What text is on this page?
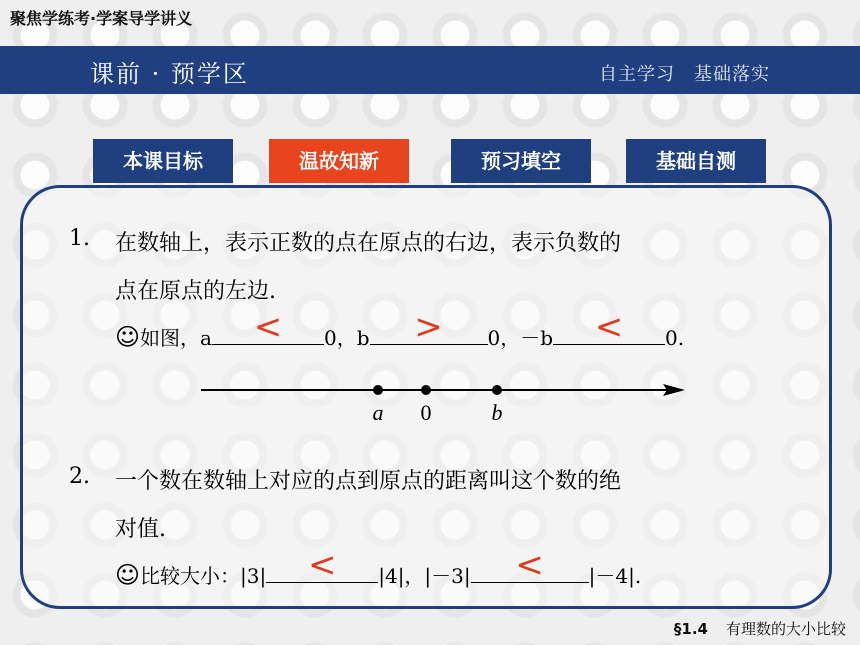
聚焦学练考·学案导学讲义
课前 · 预学区	自主学习　基础落实
本课目标	温故知新	预习填空	基础自测
1. 在数轴上，表示正数的点在原点的右边，表示负数的
点在原点的左边.
☺如图，a	<	0，b	>	0，－b	<	0.
a 0	b
2. 一个数在数轴上对应的点到原点的距离叫这个数的绝
对值.
☺比较大小：|3|	<	|4|，|－3|	<	|－4|.
§1.4 有理数的大小比较
